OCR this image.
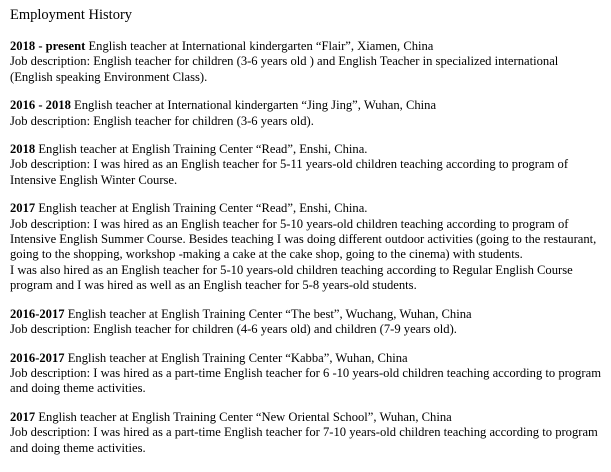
Employment History

2018 - present English teacher at International kindergarten “Flair”, Xiamen, China

Job description: English teacher for children (3-6 years old ) and English Teacher in specialized international (English speaking Environment Class).

2016 - 2018 English teacher at International kindergarten “Jing Jing”, Wuhan, China

Job description: English teacher for children (3-6 years old).

2018 English teacher at English Training Center “Read”, Enshi, China.

Job description: I was hired as an English teacher for 5-11 years-old children teaching according to program of Intensive English Winter Course.

2017 English teacher at English Training Center “Read”, Enshi, China.

Job description: I was hired as an English teacher for 5-10 years-old children teaching according to program of Intensive English Summer Course. Besides teaching I was doing different outdoor activities (going to the restaurant, going to the shopping, workshop -making a cake at the cake shop, going to the cinema) with students.

I was also hired as an English teacher for 5-10 years-old children teaching according to Regular English Course program and I was hired as well as an English teacher for 5-8 years-old students.

2016-2017 English teacher at English Training Center “The best”, Wuchang, Wuhan, China

Job description: English teacher for children (4-6 years old) and children (7-9 years old).

2016-2017 English teacher at English Training Center “Kabba”, Wuhan, China

Job description: I was hired as a part-time English teacher for 6 -10 years-old children teaching according to program and doing theme activities.

2017 English teacher at English Training Center “New Oriental School”, Wuhan, China

Job description: I was hired as a part-time English teacher for 7-10 years-old children teaching according to program and doing theme activities.
